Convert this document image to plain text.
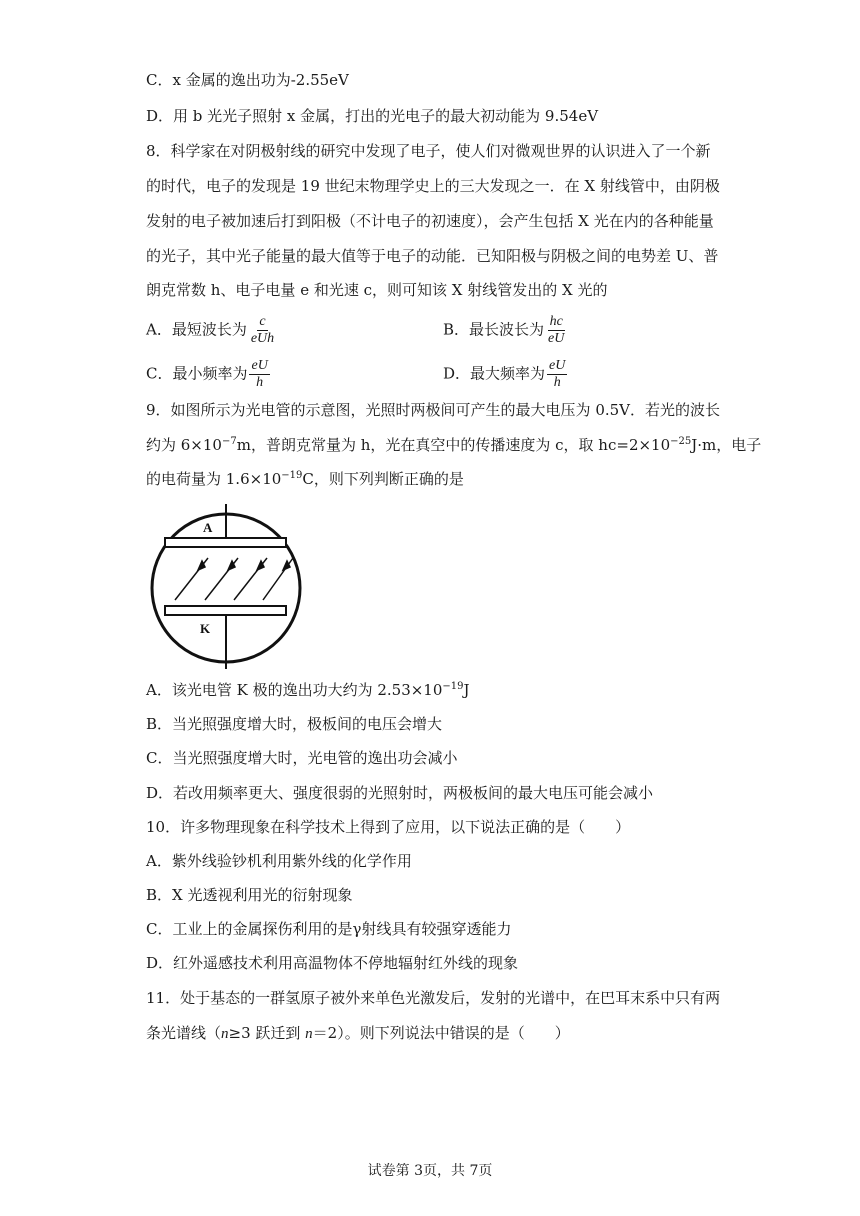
C．x 金属的逸出功为-2.55eV
D．用 b 光光子照射 x 金属，打出的光电子的最大初动能为 9.54eV
8．科学家在对阴极射线的研究中发现了电子，使人们对微观世界的认识进入了一个新
的时代，电子的发现是 19 世纪末物理学史上的三大发现之一．在 X 射线管中，由阴极
发射的电子被加速后打到阳极（不计电子的初速度），会产生包括 X 光在内的各种能量
的光子，其中光子能量的最大值等于电子的动能．已知阳极与阴极之间的电势差 U、普
朗克常数 h、电子电量 e 和光速 c，则可知该 X 射线管发出的 X 光的
A．最短波长为 $\frac{c}{\text{eUh}}$	B．最长波长为 $\frac{hc}{eU}$
C．最小频率为 $\frac{eU}{h}$	D．最大频率为 $\frac{eU}{h}$
9．如图所示为光电管的示意图，光照时两极间可产生的最大电压为 0.5V．若光的波长
约为 $6\times 10^{-7}m$，普朗克常量为 h，光在真空中的传播速度为 c，取 $hc=2\times 10^{-25}J\cdot m$，电子
的电荷量为 $1.6\times 10^{-19}C$，则下列判断正确的是
A
K
A．该光电管 K 极的逸出功大约为 $2.53\times 10^{-19}J$
B．当光照强度增大时，极板间的电压会增大
C．当光照强度增大时，光电管的逸出功会减小
D．若改用频率更大、强度很弱的光照射时，两极板间的最大电压可能会减小
10．许多物理现象在科学技术上得到了应用，以下说法正确的是（　　）
A．紫外线验钞机利用紫外线的化学作用
B．X 光透视利用光的衍射现象
C．工业上的金属探伤利用的是γ射线具有较强穿透能力
D．红外遥感技术利用高温物体不停地辐射红外线的现象
11．处于基态的一群氢原子被外来单色光激发后，发射的光谱中，在巴耳末系中只有两
条光谱线（n≥3 跃迁到 n＝2）。则下列说法中错误的是（　　）
试卷第 3页，共 7页
